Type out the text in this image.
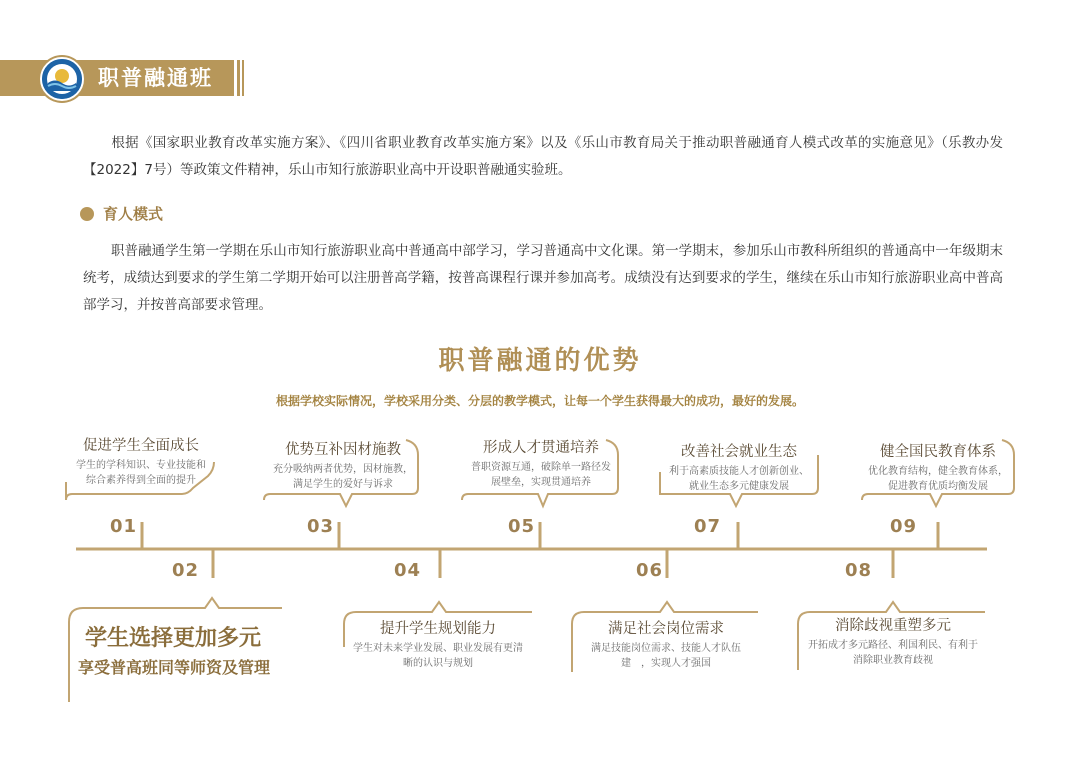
职普融通班

根据《国家职业教育改革实施方案》、《四川省职业教育改革实施方案》以及《乐山市教育局关于推动职普融通育人模式改革的实施意见》（乐教办发【2022】7号）等政策文件精神，乐山市知行旅游职业高中开设职普融通实验班。

育人模式

职普融通学生第一学期在乐山市知行旅游职业高中普通高中部学习，学习普通高中文化课。第一学期末，参加乐山市教科所组织的普通高中一年级期末统考，成绩达到要求的学生第二学期开始可以注册普高学籍，按普高课程行课并参加高考。成绩没有达到要求的学生，继续在乐山市知行旅游职业高中普高部学习，并按普高部要求管理。

职普融通的优势
根据学校实际情况，学校采用分类、分层的教学模式，让每一个学生获得最大的成功，最好的发展。
01
02
03
04
05
06
07
08
09
促进学生全面成长
学生的学科知识、专业技能和综合素养得到全面的提升
优势互补因材施教
充分吸纳两者优势，因材施教，满足学生的爱好与诉求
形成人才贯通培养
普职资源互通，破除单一路径发展壁垒，实现贯通培养
改善社会就业生态
利于高素质技能人才创新创业、就业生态多元健康发展
健全国民教育体系
优化教育结构，健全教育体系，促进教育优质均衡发展
学生选择更加多元
享受普高班同等师资及管理
提升学生规划能力
学生对未来学业发展、职业发展有更清晰的认识与规划
满足社会岗位需求
满足技能岗位需求、技能人才队伍建　，实现人才强国
消除歧视重塑多元
开拓成才多元路径、利国利民、有利于消除职业教育歧视
